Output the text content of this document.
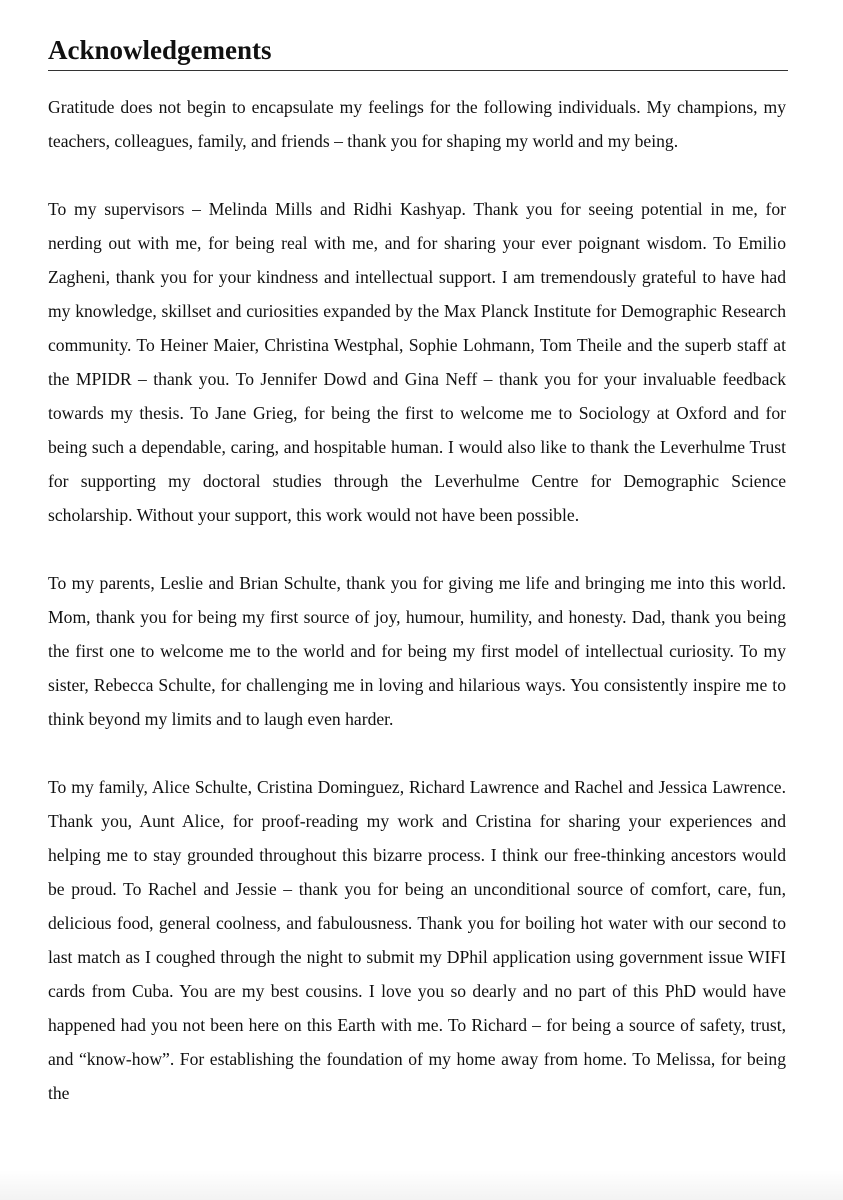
Acknowledgements

Gratitude does not begin to encapsulate my feelings for the following individuals. My champions, my teachers, colleagues, family, and friends – thank you for shaping my world and my being.

To my supervisors – Melinda Mills and Ridhi Kashyap. Thank you for seeing potential in me, for nerding out with me, for being real with me, and for sharing your ever poignant wisdom. To Emilio Zagheni, thank you for your kindness and intellectual support. I am tremendously grateful to have had my knowledge, skillset and curiosities expanded by the Max Planck Institute for Demographic Research community. To Heiner Maier, Christina Westphal, Sophie Lohmann, Tom Theile and the superb staff at the MPIDR – thank you. To Jennifer Dowd and Gina Neff – thank you for your invaluable feedback towards my thesis. To Jane Grieg, for being the first to welcome me to Sociology at Oxford and for being such a dependable, caring, and hospitable human. I would also like to thank the Leverhulme Trust for supporting my doctoral studies through the Leverhulme Centre for Demographic Science scholarship. Without your support, this work would not have been possible.

To my parents, Leslie and Brian Schulte, thank you for giving me life and bringing me into this world. Mom, thank you for being my first source of joy, humour, humility, and honesty. Dad, thank you being the first one to welcome me to the world and for being my first model of intellectual curiosity. To my sister, Rebecca Schulte, for challenging me in loving and hilarious ways. You consistently inspire me to think beyond my limits and to laugh even harder.

To my family, Alice Schulte, Cristina Dominguez, Richard Lawrence and Rachel and Jessica Lawrence. Thank you, Aunt Alice, for proof-reading my work and Cristina for sharing your experiences and helping me to stay grounded throughout this bizarre process. I think our free-thinking ancestors would be proud. To Rachel and Jessie – thank you for being an unconditional source of comfort, care, fun, delicious food, general coolness, and fabulousness. Thank you for boiling hot water with our second to last match as I coughed through the night to submit my DPhil application using government issue WIFI cards from Cuba. You are my best cousins. I love you so dearly and no part of this PhD would have happened had you not been here on this Earth with me. To Richard – for being a source of safety, trust, and “know-how”. For establishing the foundation of my home away from home. To Melissa, for being the
